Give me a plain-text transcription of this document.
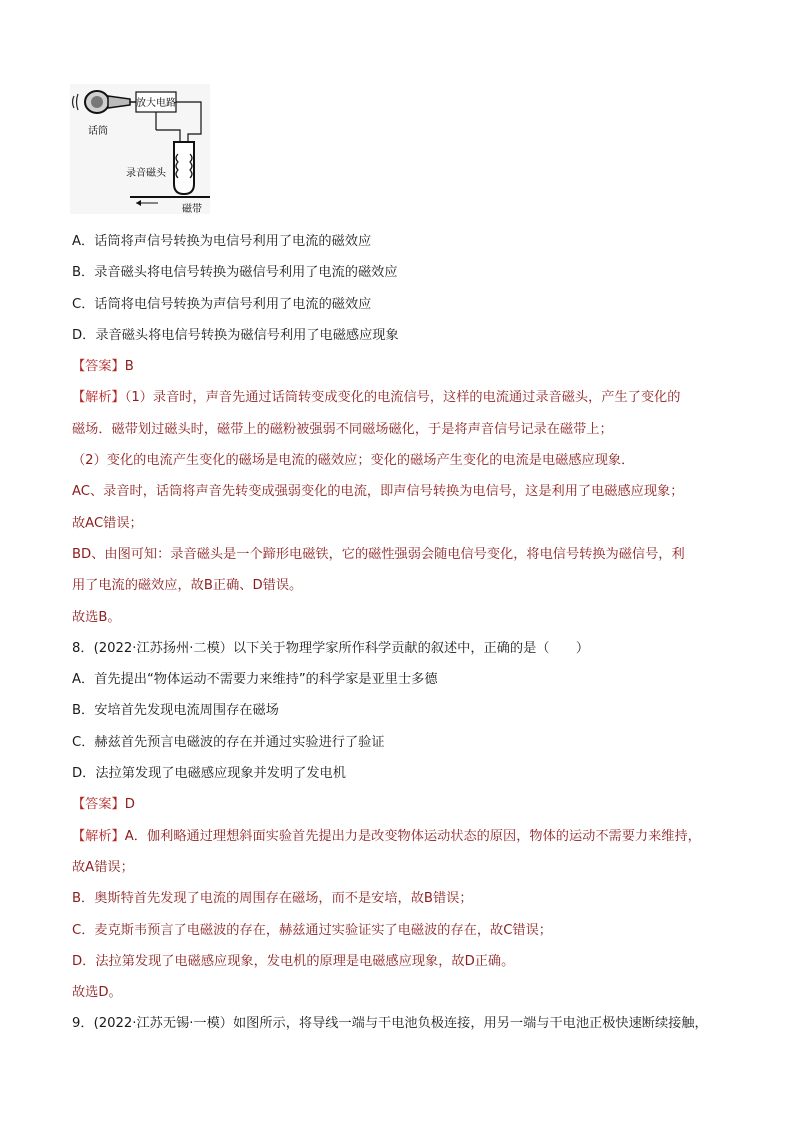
放大电路
话筒
录音磁头
磁带
A．话筒将声信号转换为电信号利用了电流的磁效应
B．录音磁头将电信号转换为磁信号利用了电流的磁效应
C．话筒将电信号转换为声信号利用了电流的磁效应
D．录音磁头将电信号转换为磁信号利用了电磁感应现象
【答案】B
【解析】（1）录音时，声音先通过话筒转变成变化的电流信号，这样的电流通过录音磁头，产生了变化的
磁场．磁带划过磁头时，磁带上的磁粉被强弱不同磁场磁化，于是将声音信号记录在磁带上；
（2）变化的电流产生变化的磁场是电流的磁效应；变化的磁场产生变化的电流是电磁感应现象．
AC、录音时，话筒将声音先转变成强弱变化的电流，即声信号转换为电信号，这是利用了电磁感应现象；
故AC错误；
BD、由图可知：录音磁头是一个蹄形电磁铁，它的磁性强弱会随电信号变化，将电信号转换为磁信号，利
用了电流的磁效应，故B正确、D错误。
故选B。
8．(2022·江苏扬州·二模）以下关于物理学家所作科学贡献的叙述中，正确的是（　　）
A．首先提出“物体运动不需要力来维持”的科学家是亚里士多德
B．安培首先发现电流周围存在磁场
C．赫兹首先预言电磁波的存在并通过实验进行了验证
D．法拉第发现了电磁感应现象并发明了发电机
【答案】D
【解析】A．伽利略通过理想斜面实验首先提出力是改变物体运动状态的原因，物体的运动不需要力来维持，
故A错误；
B．奥斯特首先发现了电流的周围存在磁场，而不是安培，故B错误；
C．麦克斯韦预言了电磁波的存在，赫兹通过实验证实了电磁波的存在，故C错误；
D．法拉第发现了电磁感应现象，发电机的原理是电磁感应现象，故D正确。
故选D。
9．(2022·江苏无锡·一模）如图所示，将导线一端与干电池负极连接，用另一端与干电池正极快速断续接触，
